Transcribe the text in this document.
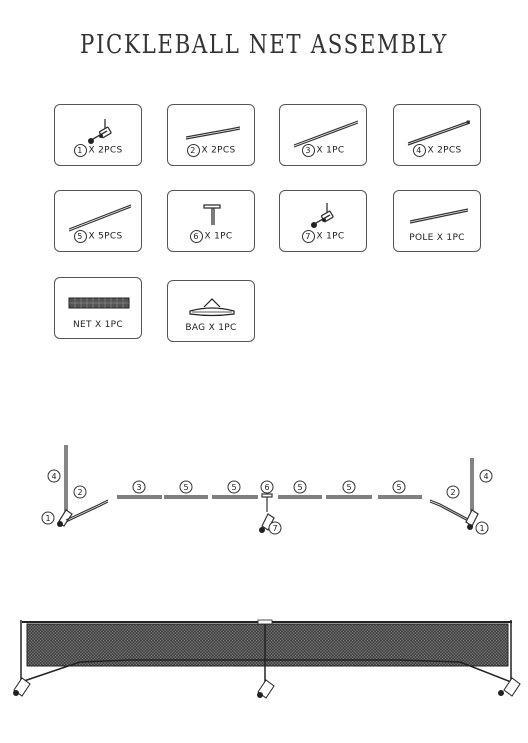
PICKLEBALL NET ASSEMBLY
1 X 2PCS	2 X 2PCS	3 X 1PC	4 X 2PCS
5 X 5PCS	6 X 1PC	7 X 1PC	POLE X 1PC
NET X 1PC	BAG X 1PC
4
2
1
3	5	5	6	5	5	5
7
2
4
1
